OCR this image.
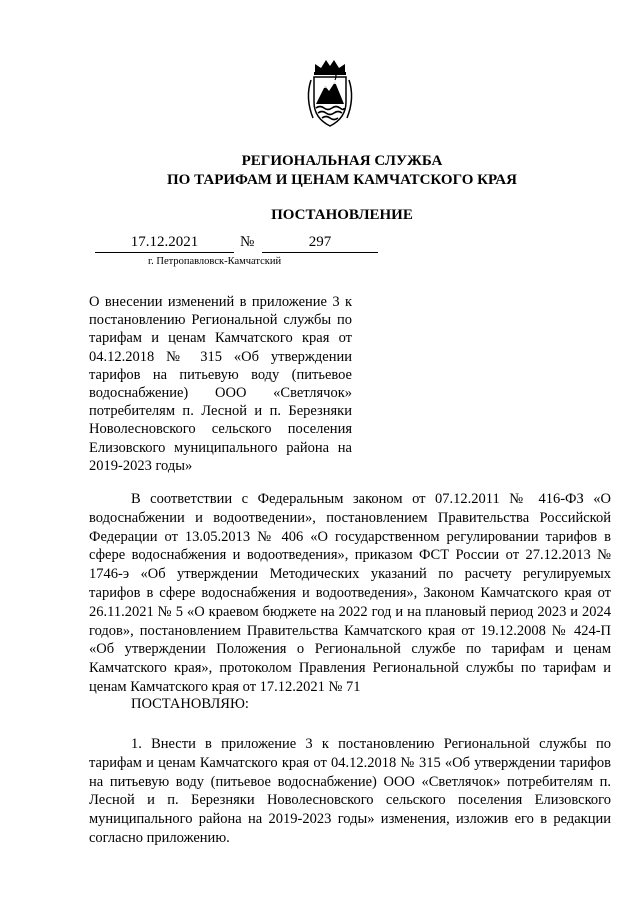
РЕГИОНАЛЬНАЯ СЛУЖБА

ПО ТАРИФАМ И ЦЕНАМ КАМЧАТСКОГО КРАЯ

ПОСТАНОВЛЕНИЕ

17.12.2021	№	297
г. Петропавловск-Камчатский

О внесении изменений в приложение 3 к постановлению Региональной службы по тарифам и ценам Камчатского края от 04.12.2018 № 315 «Об утверждении тарифов на питьевую воду (питьевое водоснабжение) ООО «Светлячок» потребителям п. Лесной и п. Березняки Новолесновского сельского поселения Елизовского муниципального района на 2019-2023 годы»

В соответствии с Федеральным законом от 07.12.2011 № 416-ФЗ «О водоснабжении и водоотведении», постановлением Правительства Российской Федерации от 13.05.2013 № 406 «О государственном регулировании тарифов в сфере водоснабжения и водоотведения», приказом ФСТ России от 27.12.2013 № 1746-э «Об утверждении Методических указаний по расчету регулируемых тарифов в сфере водоснабжения и водоотведения», Законом Камчатского края от 26.11.2021 № 5 «О краевом бюджете на 2022 год и на плановый период 2023 и 2024 годов», постановлением Правительства Камчатского края от 19.12.2008 № 424-П «Об утверждении Положения о Региональной службе по тарифам и ценам Камчатского края», протоколом Правления Региональной службы по тарифам и ценам Камчатского края от 17.12.2021 № 71

ПОСТАНОВЛЯЮ:

1. Внести в приложение 3 к постановлению Региональной службы по тарифам и ценам Камчатского края от 04.12.2018 № 315 «Об утверждении тарифов на питьевую воду (питьевое водоснабжение) ООО «Светлячок» потребителям п. Лесной и п. Березняки Новолесновского сельского поселения Елизовского муниципального района на 2019-2023 годы» изменения, изложив его в редакции согласно приложению.
